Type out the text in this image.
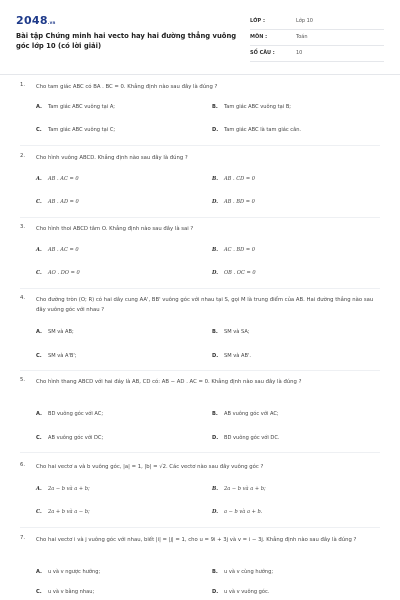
2048.vn
Bài tập Chứng minh hai vecto hay hai đường thẳng vuông góc lớp 10 (có lời giải)
LỚP :	Lớp 10
MÔN :	Toán
SỐ CÂU :	10
1.	Cho tam giác ABC có BA . BC = 0. Khẳng định nào sau đây là đúng ?
A. Tam giác ABC vuông tại A;	B. Tam giác ABC vuông tại B;
C. Tam giác ABC vuông tại C;	D. Tam giác ABC là tam giác cân.
2.	Cho hình vuông ABCD. Khẳng định nào sau đây là đúng ?
A. AB . AC = 0	B. AB . CD = 0
C. AB . AD = 0	D. AB . BD = 0
3.	Cho hình thoi ABCD tâm O. Khẳng định nào sau đây là sai ?
A. AB . AC = 0	B. AC . BD = 0
C. AO . DO = 0	D. OB . OC = 0
4.	Cho đường tròn (O; R) có hai dây cung AA', BB' vuông góc với nhau tại S, gọi M là trung điểm của AB. Hai đường thẳng nào sau đây vuông góc với nhau ?
A. SM và AB;	B. SM và SA;
C. SM và A'B';	D. SM và AB'.
5.	Cho hình thang ABCD với hai đáy là AB, CD có: AB − AD . AC = 0. Khẳng định nào sau đây là đúng ?
A. BD vuông góc với AC;	B. AB vuông góc với AC;
C. AB vuông góc với DC;	D. BD vuông góc với DC.
6.	Cho hai vectơ a và b vuông góc, |a| = 1, |b| = √2. Các vectơ nào sau đây vuông góc ?
A. 2a − b và a + b;	B. 2a − b và a + b;
C. 2a + b và a − b;	D. a − b và a + b.
7.	Cho hai vectơ i và j vuông góc với nhau, biết |i| = |j| = 1, cho u = 9i + 3j và v = i − 3j. Khẳng định nào sau đây là đúng ?
A. u và v ngược hướng;	B. u và v cùng hướng;
C. u và v bằng nhau;	D. u và v vuông góc.
